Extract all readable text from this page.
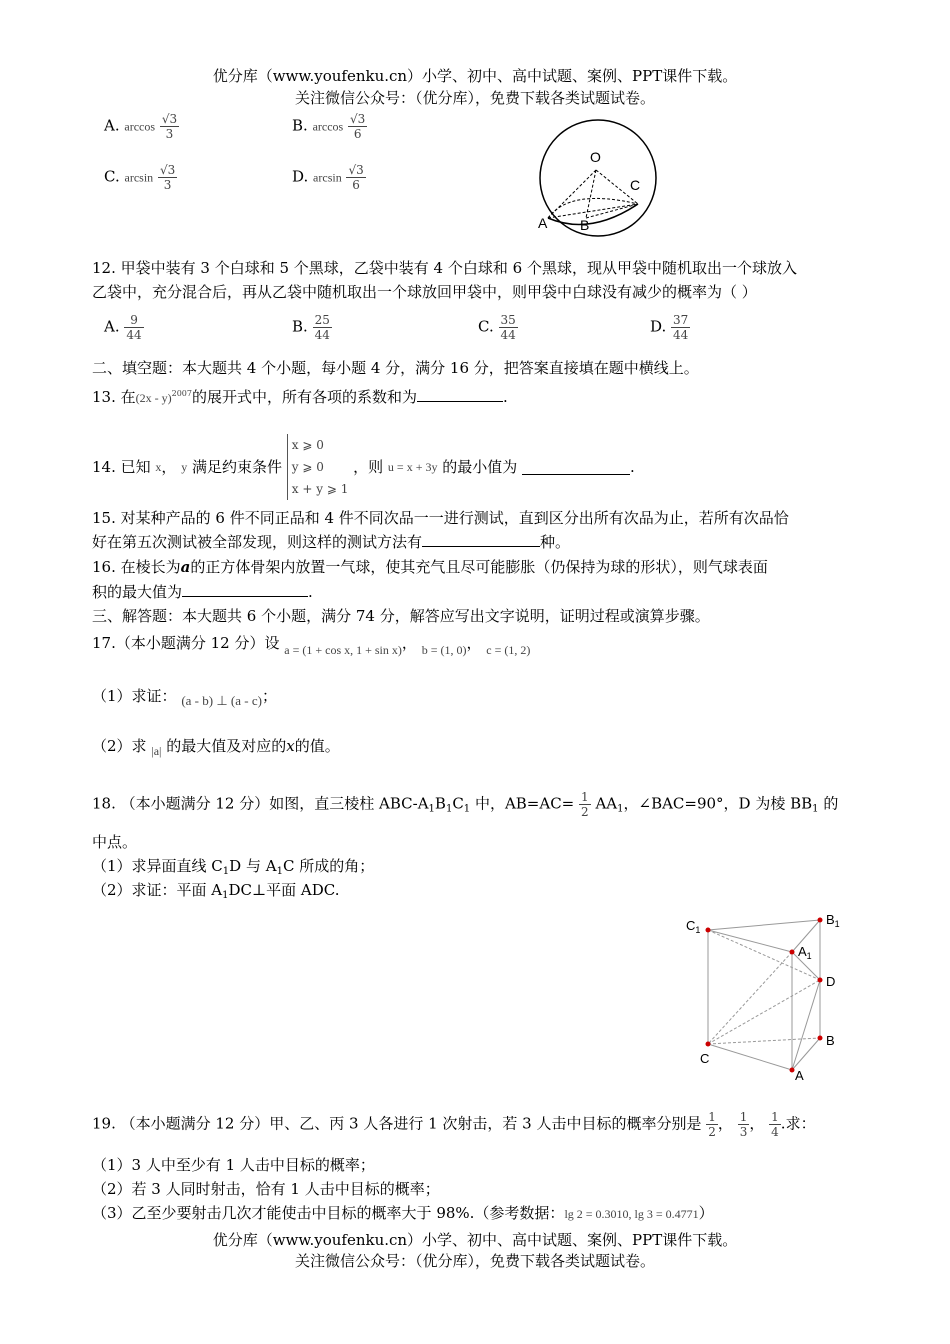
优分库（www.youfenku.cn）小学、初中、高中试题、案例、PPT课件下载。
关注微信公众号：（优分库），免费下载各类试题试卷。
A. $\arccos \frac{√3}{3}$	B. $\arccos \frac{√3}{6}$
C. $\arcsin \frac{√3}{3}$	D. $\arcsin \frac{√3}{6}$
O
C
A B
12. 甲袋中装有 3 个白球和 5 个黑球，乙袋中装有 4 个白球和 6 个黑球，现从甲袋中随机取出一个球放入
乙袋中，充分混合后，再从乙袋中随机取出一个球放回甲袋中，则甲袋中白球没有减少的概率为（ ）
A. $\frac{9}{44}$	B. $\frac{25}{44}$	C. $\frac{35}{44}$	D. $\frac{37}{44}$
二、填空题：本大题共 4 个小题，每小题 4 分，满分 16 分，把答案直接填在题中横线上。
13. 在(2x - y)$^{2007}$的展开式中，所有各项的系数和为	.
14. 已知 x， y 满足约束条件
x ⩾ 0
y ⩾ 0
x + y ⩾ 1
，则 u = x + 3y 的最小值为	.
15. 对某种产品的 6 件不同正品和 4 件不同次品一一进行测试，直到区分出所有次品为止，若所有次品恰
好在第五次测试被全部发现，则这样的测试方法有	种。
16. 在棱长为a的正方体骨架内放置一气球，使其充气且尽可能膨胀（仍保持为球的形状），则气球表面
积的最大值为	.
三、解答题：本大题共 6 个小题，满分 74 分，解答应写出文字说明，证明过程或演算步骤。
17.（本小题满分 12 分）设 $_{a = (1 + cos x, 1 + sin x)}$， $_{b = (1, 0)}$， $_{c = (1, 2)}$
（1）求证： (a - b) ⊥ (a - c)；
（2）求 $_{|a|}$ 的最大值及对应的x的值。
18. （本小题满分 12 分）如图，直三棱柱 ABC-$A_1B_1C_1$ 中，$AB=AC= \frac{1}{2} AA_1$，∠BAC=90°，D 为棱 $BB_1$ 的
中点。
（1）求异面直线 $C_1D$ 与 $A_1C$ 所成的角；
（2）求证：平面 $A_1DC\perp$平面 ADC.
$C_1$
$B_1$
$A_1$
D
B
C
A
19. （本小题满分 12 分）甲、乙、丙 3 人各进行 1 次射击，若 3 人击中目标的概率分别是 $\frac{1}{2}$ ， $\frac{1}{3}$ ， $\frac{1}{4}$ .求：
（1）3 人中至少有 1 人击中目标的概率；
（2）若 3 人同时射击，恰有 1 人击中目标的概率；
（3）乙至少要射击几次才能使击中目标的概率大于 98%.（参考数据：lg 2 = 0.3010, lg 3 = 0.4771）
优分库（www.youfenku.cn）小学、初中、高中试题、案例、PPT课件下载。
关注微信公众号：（优分库），免费下载各类试题试卷。
